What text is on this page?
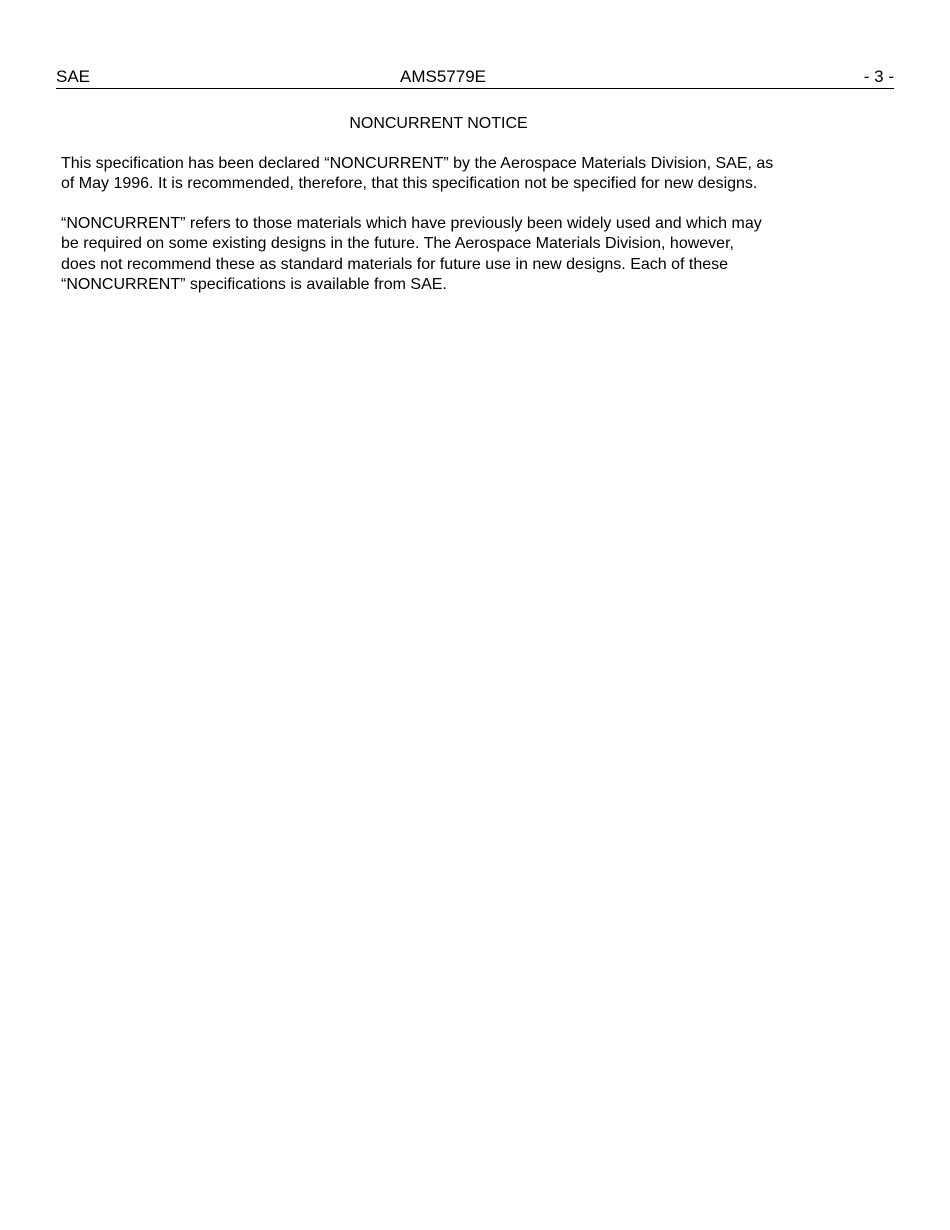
SAE	AMS5779E	- 3 -
NONCURRENT NOTICE
This specification has been declared “NONCURRENT” by the Aerospace Materials Division, SAE, as
of May 1996. It is recommended, therefore, that this specification not be specified for new designs.
“NONCURRENT” refers to those materials which have previously been widely used and which may
be required on some existing designs in the future. The Aerospace Materials Division, however,
does not recommend these as standard materials for future use in new designs. Each of these
“NONCURRENT” specifications is available from SAE.
